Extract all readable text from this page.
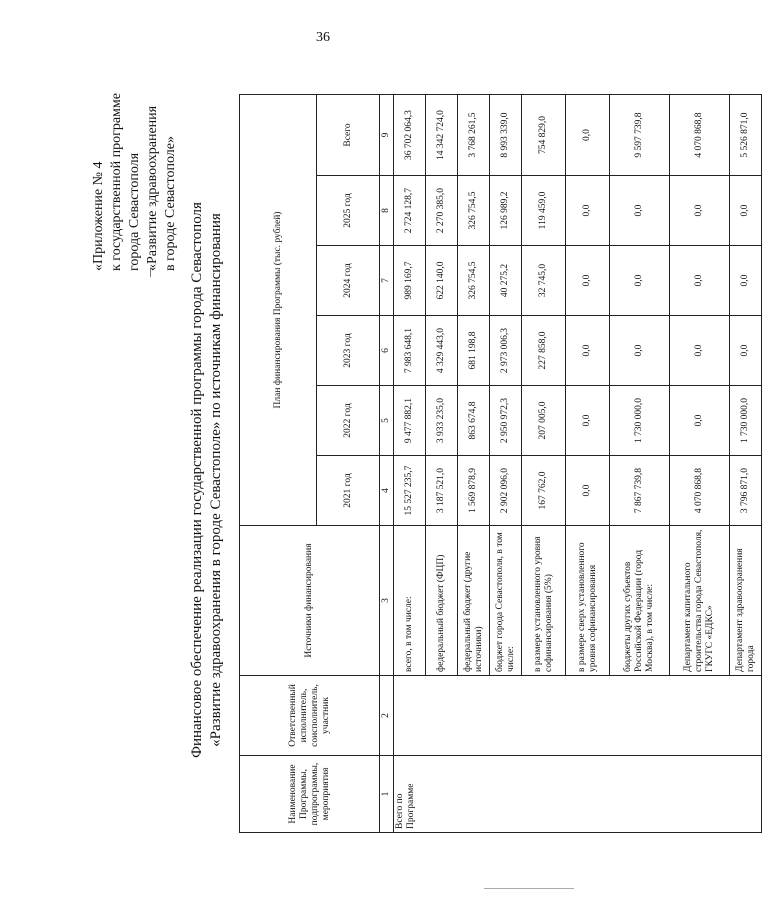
36
«Приложение № 4 к государственной программе города Севастополя «Развитие здравоохранения в городе Севастополе» Финансовое обеспечение реализации государственной программы города Севастополя «Развитие здравоохранения в городе Севастополе» по источникам финансирования
Наименование Программы, подпрограммы, мероприятия	Ответственный исполнитель, соисполнитель, участник	Источники финансирования	План финансирования Программы (тыс. рублей)					
			2021 год	2022 год	2023 год	2024 год	2025 год	Всего
1	2	3	4	5	6	7	8	9
Всего по Программе		всего, в том числе:	15 527 235,7	9 477 882,1	7 983 648,1	989 169,7	2 724 128,7	36 702 064,3
		федеральный бюджет (ФЦП)	3 187 521,0	3 933 235,0	4 329 443,0	622 140,0	2 270 385,0	14 342 724,0
		федеральный бюджет (другие источники)	1 569 878,9	863 674,8	681 198,8	326 754,5	326 754,5	3 768 261,5
		бюджет города Севастополя, в том числе:	2 902 096,0	2 950 972,3	2 973 006,3	40 275,2	126 989,2	8 993 339,0
		в размере установленного уровня софинансирования (5%)	167 762,0	207 005,0	227 858,0	32 745,0	119 459,0	754 829,0
		в размере сверх установленного уровня софинансирования	0,0	0,0	0,0	0,0	0,0	0,0
		бюджеты других субъектов Российской Федерации (город Москва), в том числе:	7 867 739,8	1 730 000,0	0,0	0,0	0,0	9 597 739,8
		Департамент капитального строительства города Севастополя, ГКУГС «ЕДКС»	4 070 868,8	0,0	0,0	0,0	0,0	4 070 868,8
		Департамент здравоохранения города	3 796 871,0	1 730 000,0	0,0	0,0	0,0	5 526 871,0
